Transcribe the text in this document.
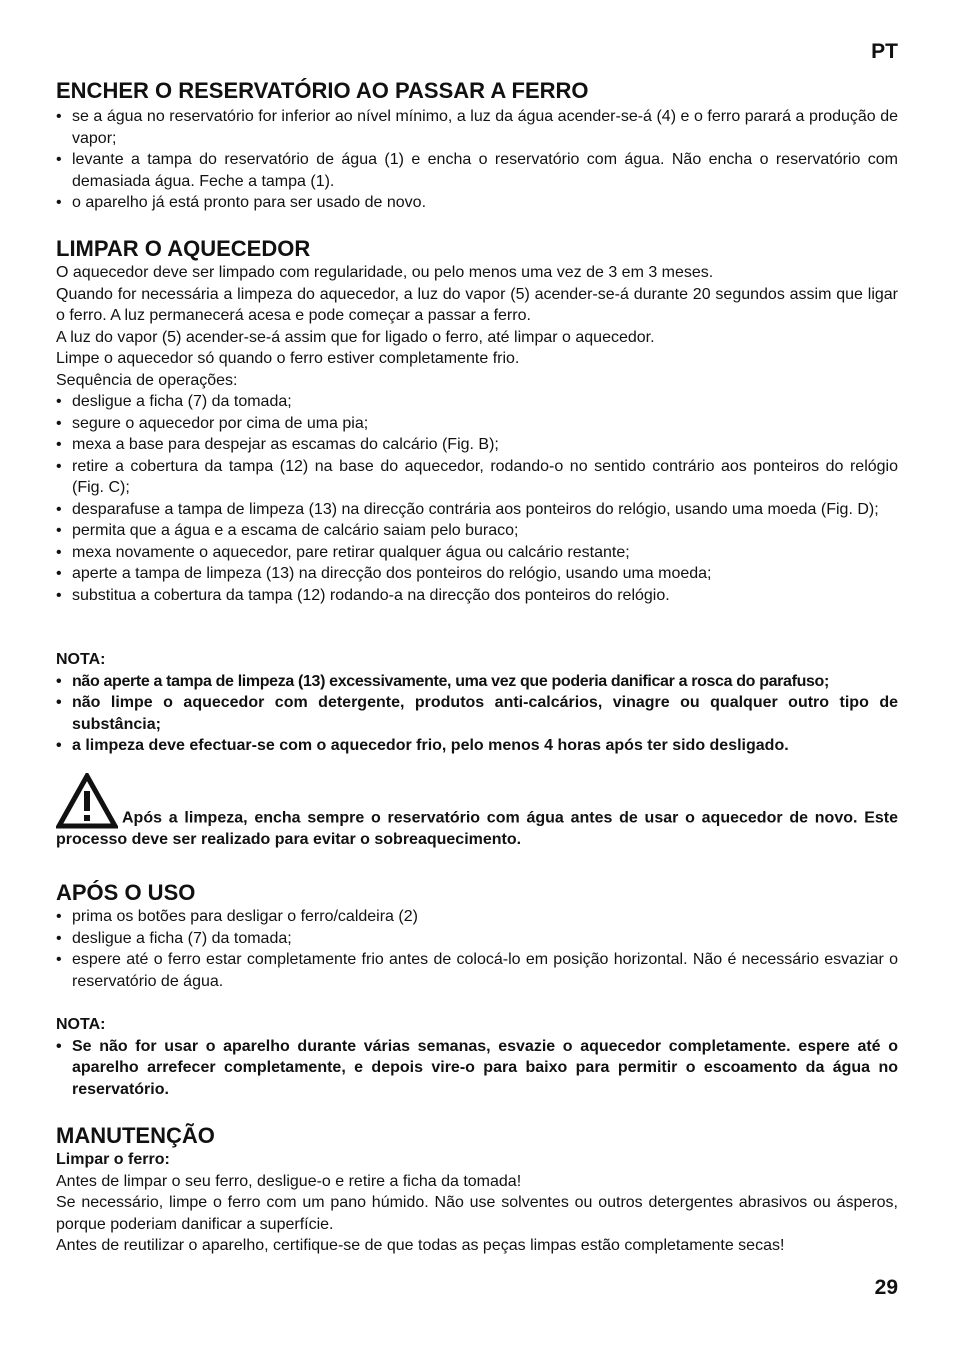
PT
ENCHER O RESERVATÓRIO AO PASSAR A FERRO
• se a água no reservatório for inferior ao nível mínimo, a luz da água acender-se-á (4) e o ferro parará a produção de vapor;
• levante a tampa do reservatório de água (1) e encha o reservatório com água. Não encha o reservatório com demasiada água. Feche a tampa (1).
• o aparelho já está pronto para ser usado de novo.
LIMPAR O AQUECEDOR

O aquecedor deve ser limpado com regularidade, ou pelo menos uma vez de 3 em 3 meses.

Quando for necessária a limpeza do aquecedor, a luz do vapor (5) acender-se-á durante 20 segundos assim que ligar o ferro. A luz permanecerá acesa e pode começar a passar a ferro.

A luz do vapor (5) acender-se-á assim que for ligado o ferro, até limpar o aquecedor.

Limpe o aquecedor só quando o ferro estiver completamente frio.

Sequência de operações:

• desligue a ficha (7) da tomada;
• segure o aquecedor por cima de uma pia;
• mexa a base para despejar as escamas do calcário (Fig. B);
• retire a cobertura da tampa (12) na base do aquecedor, rodando-o no sentido contrário aos ponteiros do relógio (Fig. C);
• desparafuse a tampa de limpeza (13) na direcção contrária aos ponteiros do relógio, usando uma moeda (Fig. D);
• permita que a água e a escama de calcário saiam pelo buraco;
• mexa novamente o aquecedor, pare retirar qualquer água ou calcário restante;
• aperte a tampa de limpeza (13) na direcção dos ponteiros do relógio, usando uma moeda;
• substitua a cobertura da tampa (12) rodando-a na direcção dos ponteiros do relógio.
NOTA:
• não aperte a tampa de limpeza (13) excessivamente, uma vez que poderia danificar a rosca do parafuso;
• não limpe o aquecedor com detergente, produtos anti-calcários, vinagre ou qualquer outro tipo de substância;
• a limpeza deve efectuar-se com o aquecedor frio, pelo menos 4 horas após ter sido desligado.

Após a limpeza, encha sempre o reservatório com água antes de usar o aquecedor de novo. Este processo deve ser realizado para evitar o sobreaquecimento.

APÓS O USO
• prima os botões para desligar o ferro/caldeira (2)
• desligue a ficha (7) da tomada;
• espere até o ferro estar completamente frio antes de colocá-lo em posição horizontal. Não é necessário esvaziar o reservatório de água.
NOTA:
• Se não for usar o aparelho durante várias semanas, esvazie o aquecedor completamente. espere até o aparelho arrefecer completamente, e depois vire-o para baixo para permitir o escoamento da água no reservatório.
MANUTENÇÃO

Limpar o ferro:

Antes de limpar o seu ferro, desligue-o e retire a ficha da tomada!

Se necessário, limpe o ferro com um pano húmido. Não use solventes ou outros detergentes abrasivos ou ásperos, porque poderiam danificar a superfície.

Antes de reutilizar o aparelho, certifique-se de que todas as peças limpas estão completamente secas!

29
